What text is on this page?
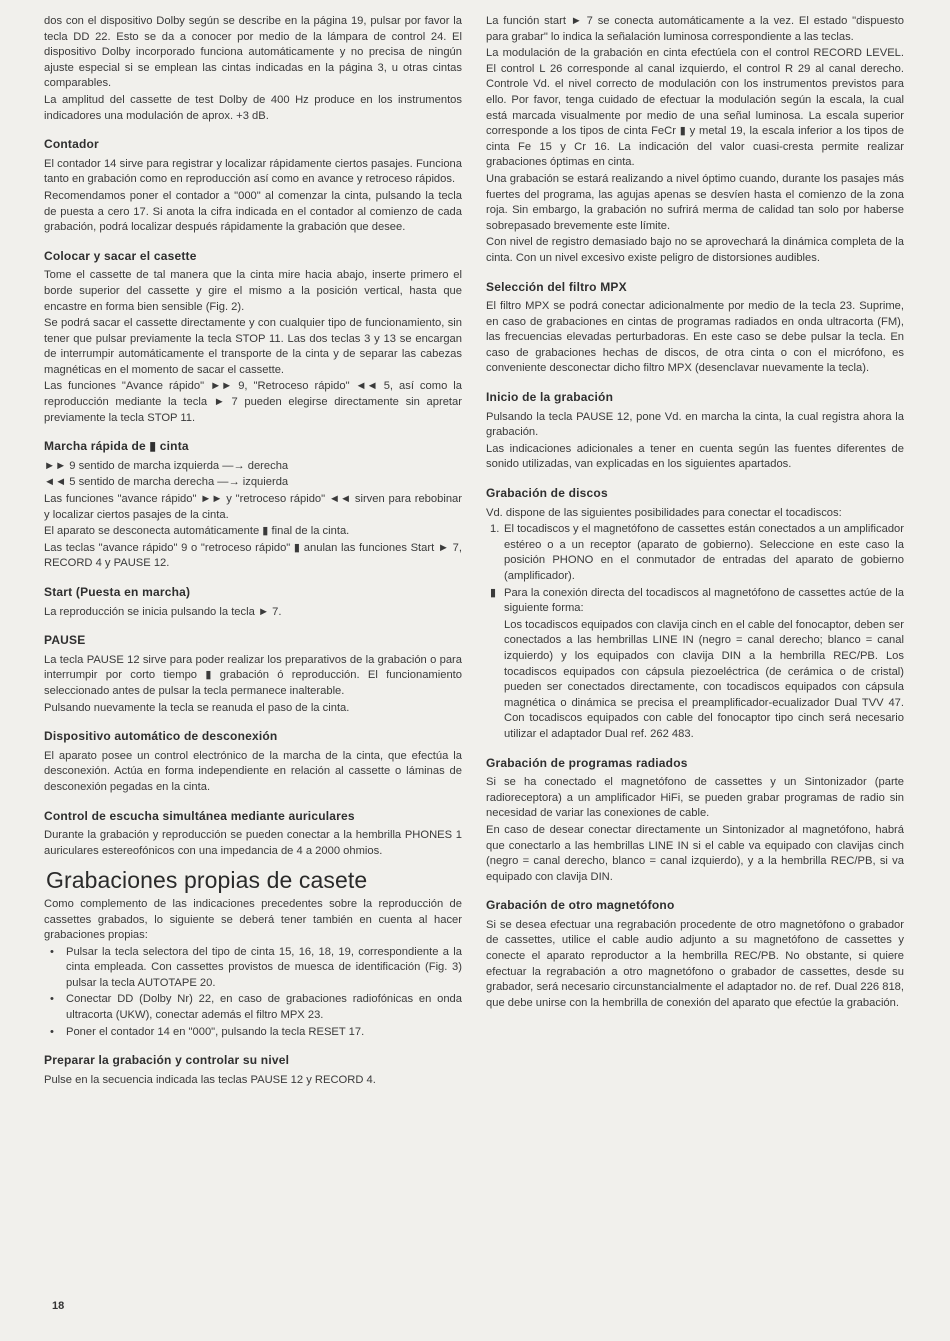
dos con el dispositivo Dolby según se describe en la página 19, pulsar por favor la tecla DD 22. Esto se da a conocer por medio de la lámpara de control 24. El dispositivo Dolby incorporado funciona automáticamente y no precisa de ningún ajuste especial si se emplean las cintas indicadas en la página 3, u otras cintas comparables.

La amplitud del cassette de test Dolby de 400 Hz produce en los instrumentos indicadores una modulación de aprox. +3 dB.

Contador

El contador 14 sirve para registrar y localizar rápidamente ciertos pasajes. Funciona tanto en grabación como en reproducción así como en avance y retroceso rápidos.

Recomendamos poner el contador a "000" al comenzar la cinta, pulsando la tecla de puesta a cero 17. Si anota la cifra indicada en el contador al comienzo de cada grabación, podrá localizar después rápidamente la grabación que desee.

Colocar y sacar el casette

Tome el cassette de tal manera que la cinta mire hacia abajo, inserte primero el borde superior del cassette y gire el mismo a la posición vertical, hasta que encastre en forma bien sensible (Fig. 2).

Se podrá sacar el cassette directamente y con cualquier tipo de funcionamiento, sin tener que pulsar previamente la tecla STOP 11. Las dos teclas 3 y 13 se encargan de interrumpir automáticamente el transporte de la cinta y de separar las cabezas magnéticas en el momento de sacar el cassette.

Las funciones "Avance rápido" ►► 9, "Retroceso rápido" ◄◄ 5, así como la reproducción mediante la tecla ► 7 pueden elegirse directamente sin apretar previamente la tecla STOP 11.

Marcha rápida de ▮ cinta

►► 9 sentido de marcha izquierda —→ derecha

◄◄ 5 sentido de marcha derecha —→ izquierda

Las funciones "avance rápido" ►► y "retroceso rápido" ◄◄ sirven para rebobinar y localizar ciertos pasajes de la cinta.

El aparato se desconecta automáticamente ▮ final de la cinta.

Las teclas "avance rápido" 9 o "retroceso rápido" ▮ anulan las funciones Start ► 7, RECORD 4 y PAUSE 12.

Start (Puesta en marcha)

La reproducción se inicia pulsando la tecla ► 7.

PAUSE

La tecla PAUSE 12 sirve para poder realizar los preparativos de la grabación o para interrumpir por corto tiempo ▮ grabación ó reproducción. El funcionamiento seleccionado antes de pulsar la tecla permanece inalterable.

Pulsando nuevamente la tecla se reanuda el paso de la cinta.

Dispositivo automático de desconexión

El aparato posee un control electrónico de la marcha de la cinta, que efectúa la desconexión. Actúa en forma independiente en relación al cassette o láminas de desconexión pegadas en la cinta.

Control de escucha simultánea mediante auriculares

Durante la grabación y reproducción se pueden conectar a la hembrilla PHONES 1 auriculares estereofónicos con una impedancia de 4 a 2000 ohmios.

Grabaciones propias de casete

Como complemento de las indicaciones precedentes sobre la reproducción de cassettes grabados, lo siguiente se deberá tener también en cuenta al hacer grabaciones propias:

• Pulsar la tecla selectora del tipo de cinta 15, 16, 18, 19, correspondiente a la cinta empleada. Con cassettes provistos de muesca de identificación (Fig. 3) pulsar la tecla AUTOTAPE 20.
• Conectar DD (Dolby Nr) 22, en caso de grabaciones radiofónicas en onda ultracorta (UKW), conectar además el filtro MPX 23.
• Poner el contador 14 en "000", pulsando la tecla RESET 17.
Preparar la grabación y controlar su nivel

Pulse en la secuencia indicada las teclas PAUSE 12 y RECORD 4.

La función start ► 7 se conecta automáticamente a la vez. El estado "dispuesto para grabar" lo indica la señalación luminosa correspondiente a las teclas.

La modulación de la grabación en cinta efectúela con el control RECORD LEVEL. El control L 26 corresponde al canal izquierdo, el control R 29 al canal derecho. Controle Vd. el nivel correcto de modulación con los instrumentos previstos para ello. Por favor, tenga cuidado de efectuar la modulación según la escala, la cual está marcada visualmente por medio de una señal luminosa. La escala superior corresponde a los tipos de cinta FeCr ▮ y metal 19, la escala inferior a los tipos de cinta Fe 15 y Cr 16. La indicación del valor cuasi-cresta permite realizar grabaciones óptimas en cinta.

Una grabación se estará realizando a nivel óptimo cuando, durante los pasajes más fuertes del programa, las agujas apenas se desvíen hasta el comienzo de la zona roja. Sin embargo, la grabación no sufrirá merma de calidad tan solo por haberse sobrepasado brevemente este límite.

Con nivel de registro demasiado bajo no se aprovechará la dinámica completa de la cinta. Con un nivel excesivo existe peligro de distorsiones audibles.

Selección del filtro MPX

El filtro MPX se podrá conectar adicionalmente por medio de la tecla 23. Suprime, en caso de grabaciones en cintas de programas radiados en onda ultracorta (FM), las frecuencias elevadas perturbadoras. En este caso se debe pulsar la tecla. En caso de grabaciones hechas de discos, de otra cinta o con el micrófono, es conveniente desconectar dicho filtro MPX (desenclavar nuevamente la tecla).

Inicio de la grabación

Pulsando la tecla PAUSE 12, pone Vd. en marcha la cinta, la cual registra ahora la grabación.

Las indicaciones adicionales a tener en cuenta según las fuentes diferentes de sonido utilizadas, van explicadas en los siguientes apartados.

Grabación de discos

Vd. dispone de las siguientes posibilidades para conectar el tocadiscos:

1. El tocadiscos y el magnetófono de cassettes están conectados a un amplificador estéreo o a un receptor (aparato de gobierno). Seleccione en este caso la posición PHONO en el conmutador de entradas del aparato de gobierno (amplificador).
▮ Para la conexión directa del tocadiscos al magnetófono de cassettes actúe de la siguiente forma:

Los tocadiscos equipados con clavija cinch en el cable del fonocaptor, deben ser conectados a las hembrillas LINE IN (negro = canal derecho; blanco = canal izquierdo) y los equipados con clavija DIN a la hembrilla REC/PB. Los tocadiscos equipados con cápsula piezoeléctrica (de cerámica o de cristal) pueden ser conectados directamente, con tocadiscos equipados con cápsula magnética o dinámica se precisa el preamplificador-ecualizador Dual TVV 47. Con tocadiscos equipados con cable del fonocaptor tipo cinch será necesario utilizar el adaptador Dual ref. 262 483.

Grabación de programas radiados

Si se ha conectado el magnetófono de cassettes y un Sintonizador (parte radioreceptora) a un amplificador HiFi, se pueden grabar programas de radio sin necesidad de variar las conexiones de cable.

En caso de desear conectar directamente un Sintonizador al magnetófono, habrá que conectarlo a las hembrillas LINE IN si el cable va equipado con clavijas cinch (negro = canal derecho, blanco = canal izquierdo), y a la hembrilla REC/PB, si va equipado con clavija DIN.

Grabación de otro magnetófono

Si se desea efectuar una regrabación procedente de otro magnetófono o grabador de cassettes, utilice el cable audio adjunto a su magnetófono de cassettes y conecte el aparato reproductor a la hembrilla REC/PB. No obstante, si quiere efectuar la regrabación a otro magnetófono o grabador de cassettes, desde su grabador, será necesario circunstancialmente el adaptador no. de ref. Dual 226 818, que debe unirse con la hembrilla de conexión del aparato que efectúe la grabación.

18
